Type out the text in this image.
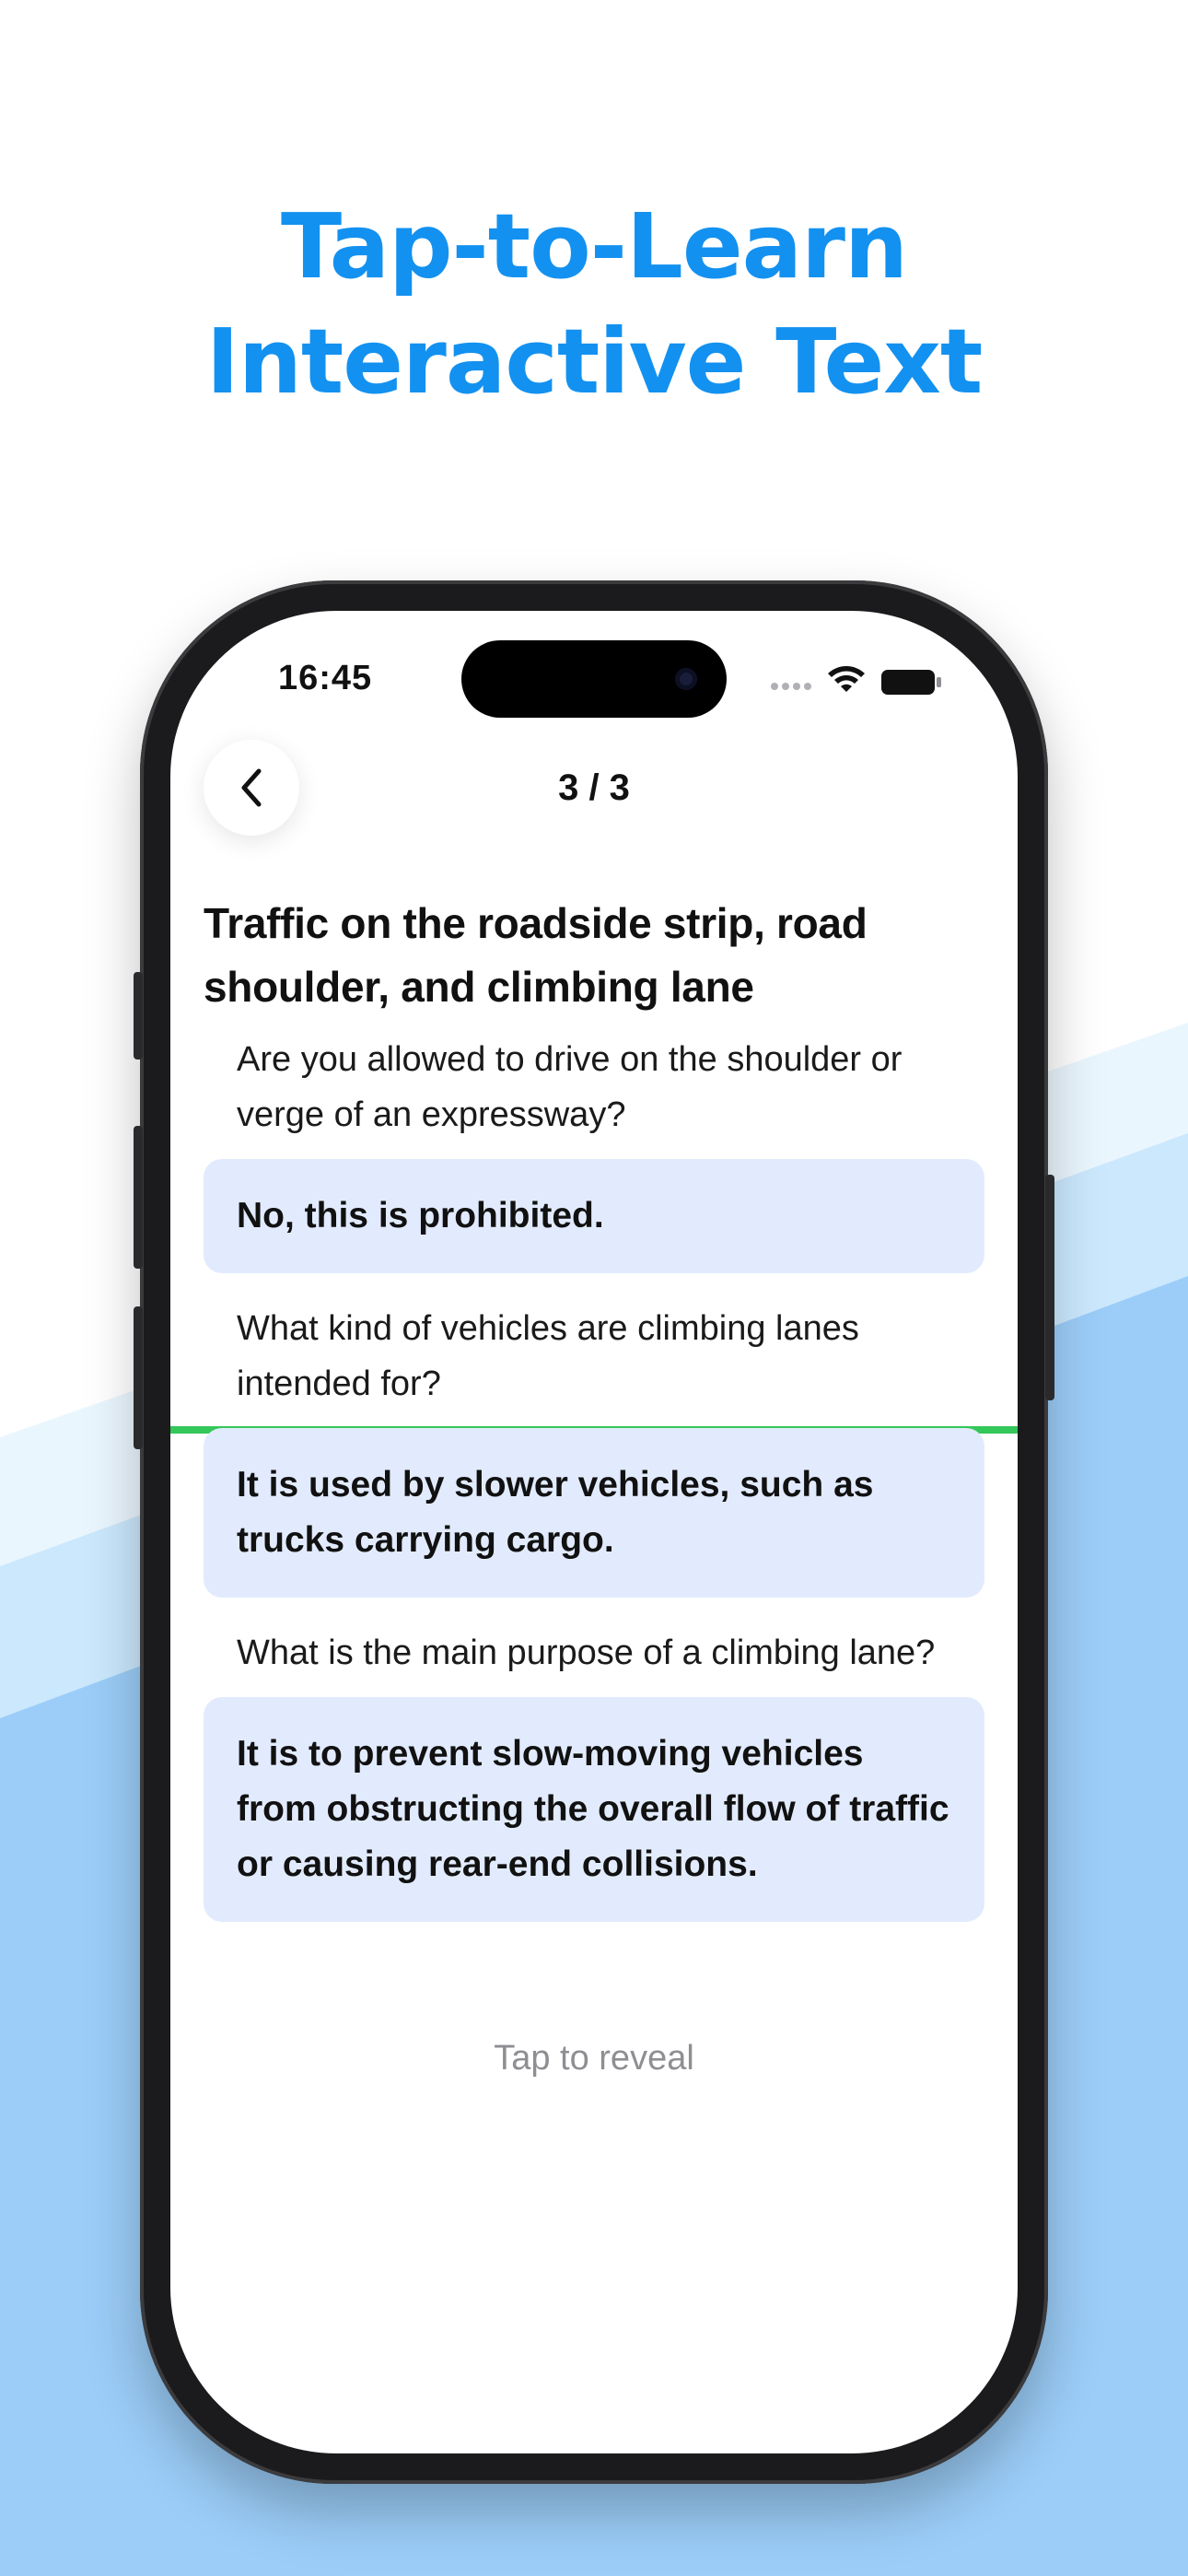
Tap-to-Learn
Interactive Text
16:45
3 / 3
Traffic on the roadside strip, road shoulder, and climbing lane
Are you allowed to drive on the shoulder or verge of an expressway?
No, this is prohibited.
What kind of vehicles are climbing lanes intended for?
It is used by slower vehicles, such as trucks carrying cargo.
What is the main purpose of a climbing lane?
It is to prevent slow-moving vehicles from obstructing the overall flow of traffic or causing rear-end collisions.
Tap to reveal
